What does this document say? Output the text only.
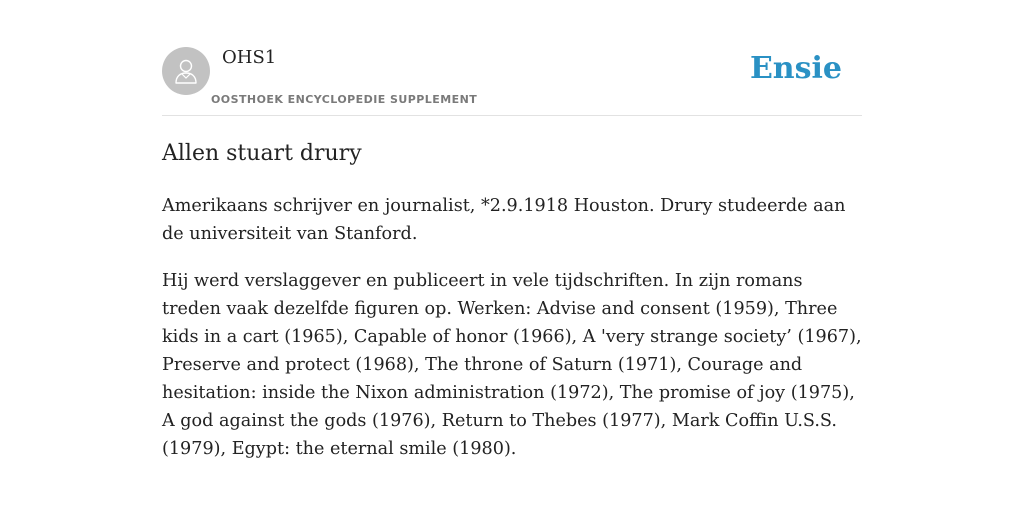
OHS1
OOSTHOEK ENCYCLOPEDIE SUPPLEMENT
Ensie
Allen stuart drury

Amerikaans schrijver en journalist, *2.9.1918 Houston. Drury studeerde aan de universiteit van Stanford.

Hij werd verslaggever en publiceert in vele tijdschriften. In zijn romans treden vaak dezelfde figuren op. Werken: Advise and consent (1959), Three kids in a cart (1965), Capable of honor (1966), A 'very strange society’ (1967), Preserve and protect (1968), The throne of Saturn (1971), Courage and hesitation: inside the Nixon administration (1972), The promise of joy (1975), A god against the gods (1976), Return to Thebes (1977), Mark Coffin U.S.S. (1979), Egypt: the eternal smile (1980).
